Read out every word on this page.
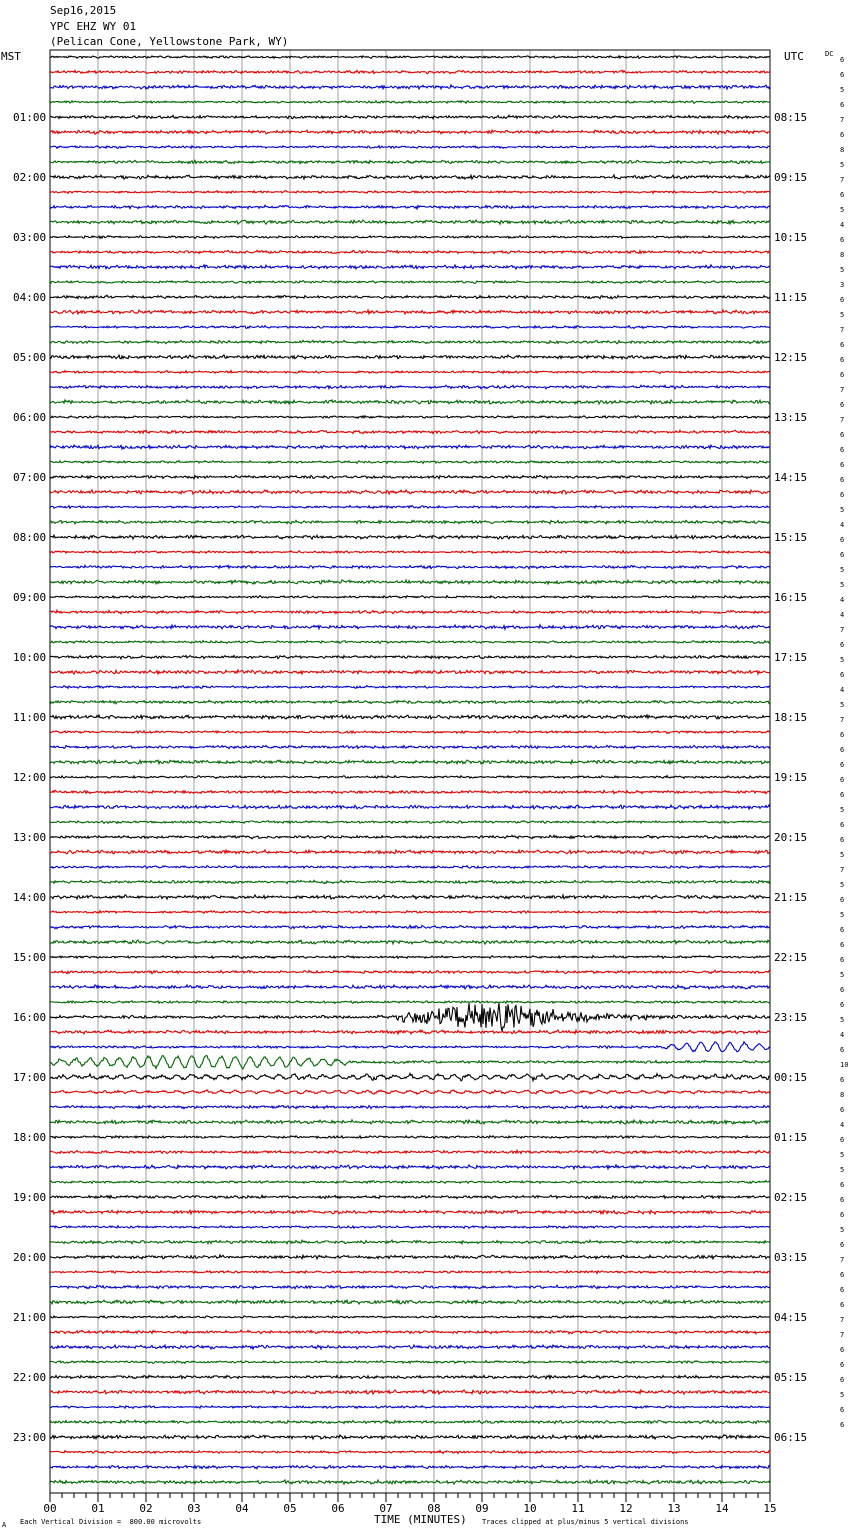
Sep16,2015
YPC EHZ WY 01
(Pelican Cone, Yellowstone Park, WY)
MST	UTC	DC
00	01	02	03	04	05	06	07	08	09	10	11	12	13	14	15
01:00	08:15
02:00	09:15
03:00	10:15
04:00	11:15
05:00	12:15
06:00	13:15
07:00	14:15
08:00	15:15
09:00	16:15
10:00	17:15
11:00	18:15
12:00	19:15
13:00	20:15
14:00	21:15
15:00	22:15
16:00	23:15
17:00	00:15
18:00	01:15
19:00	02:15
20:00	03:15
21:00	04:15
22:00	05:15
23:00	06:15
6
6
5
6
7
6
8
5
7
6
5
4
6
8
5
3
6
5
7
6
6
6
7
6
7
6
6
6
6
6
5
4
6
6
5
5
4
4
7
6
5
6
4
5
7
6
6
6
6
6
5
6
6
5
7
5
6
5
6
6
6
5
6
6
5
4
6
10
6
8
6
4
6
5
5
6
6
6
5
6
7
6
6
6
7
7
6
6
6
5
6
6
TIME (MINUTES)
Each Vertical Division =  800.00 microvolts	Traces clipped at plus/minus 5 vertical divisions
A
